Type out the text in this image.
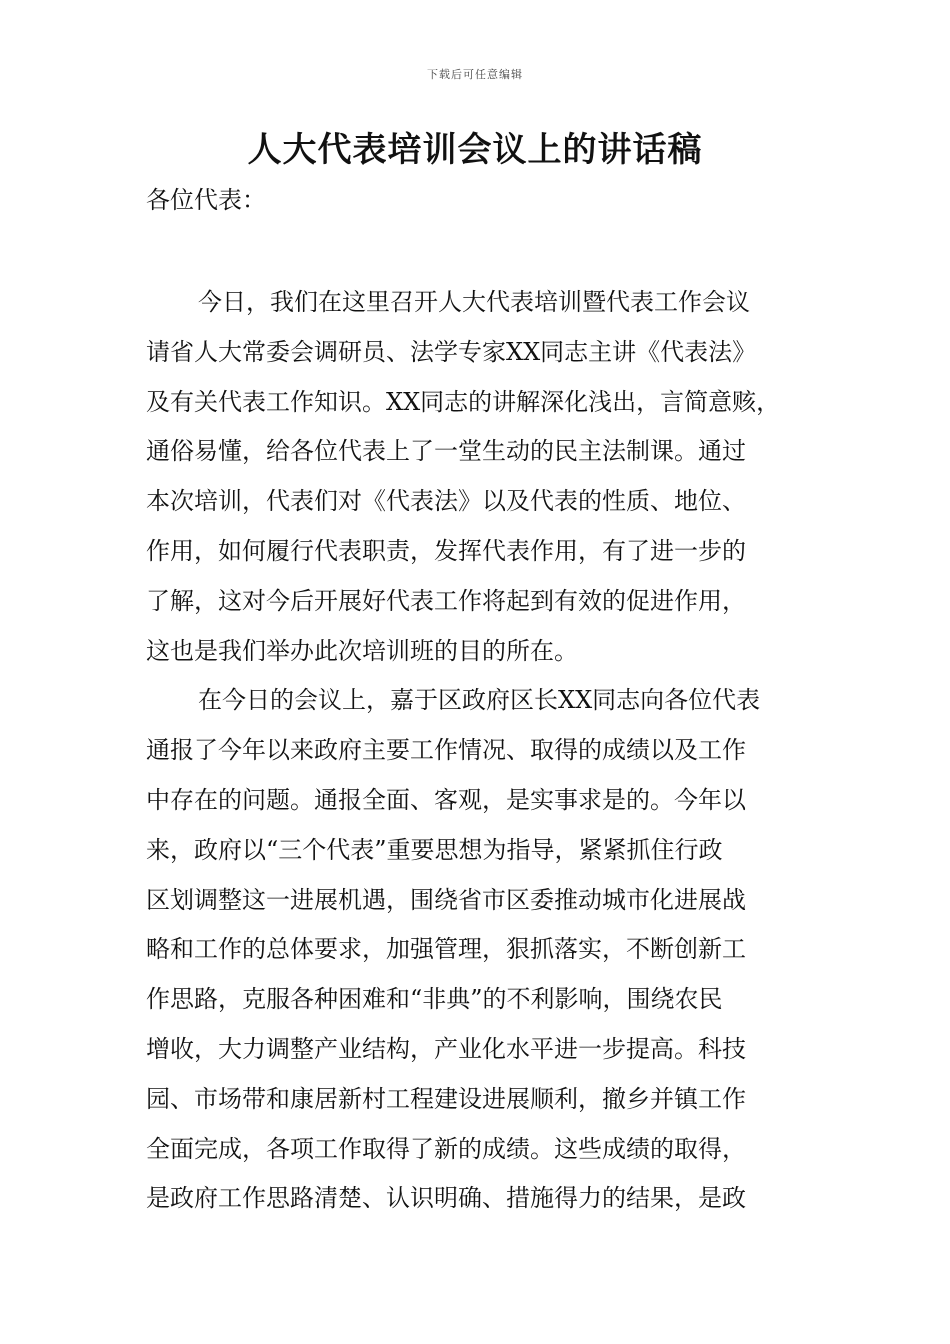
下载后可任意编辑
人大代表培训会议上的讲话稿
各位代表：

今日，我们在这里召开人大代表培训暨代表工作会议
请省人大常委会调研员、法学专家XX同志主讲《代表法》
及有关代表工作知识。XX同志的讲解深化浅出，言简意赅，
通俗易懂，给各位代表上了一堂生动的民主法制课。通过
本次培训，代表们对《代表法》以及代表的性质、地位、
作用，如何履行代表职责，发挥代表作用，有了进一步的
了解，这对今后开展好代表工作将起到有效的促进作用，
这也是我们举办此次培训班的目的所在。

在今日的会议上，嘉于区政府区长XX同志向各位代表
通报了今年以来政府主要工作情况、取得的成绩以及工作
中存在的问题。通报全面、客观，是实事求是的。今年以
来，政府以“三个代表”重要思想为指导，紧紧抓住行政
区划调整这一进展机遇，围绕省市区委推动城市化进展战
略和工作的总体要求，加强管理，狠抓落实，不断创新工
作思路，克服各种困难和“非典”的不利影响，围绕农民
增收，大力调整产业结构，产业化水平进一步提高。科技
园、市场带和康居新村工程建设进展顺利，撤乡并镇工作
全面完成，各项工作取得了新的成绩。这些成绩的取得，
是政府工作思路清楚、认识明确、措施得力的结果，是政
